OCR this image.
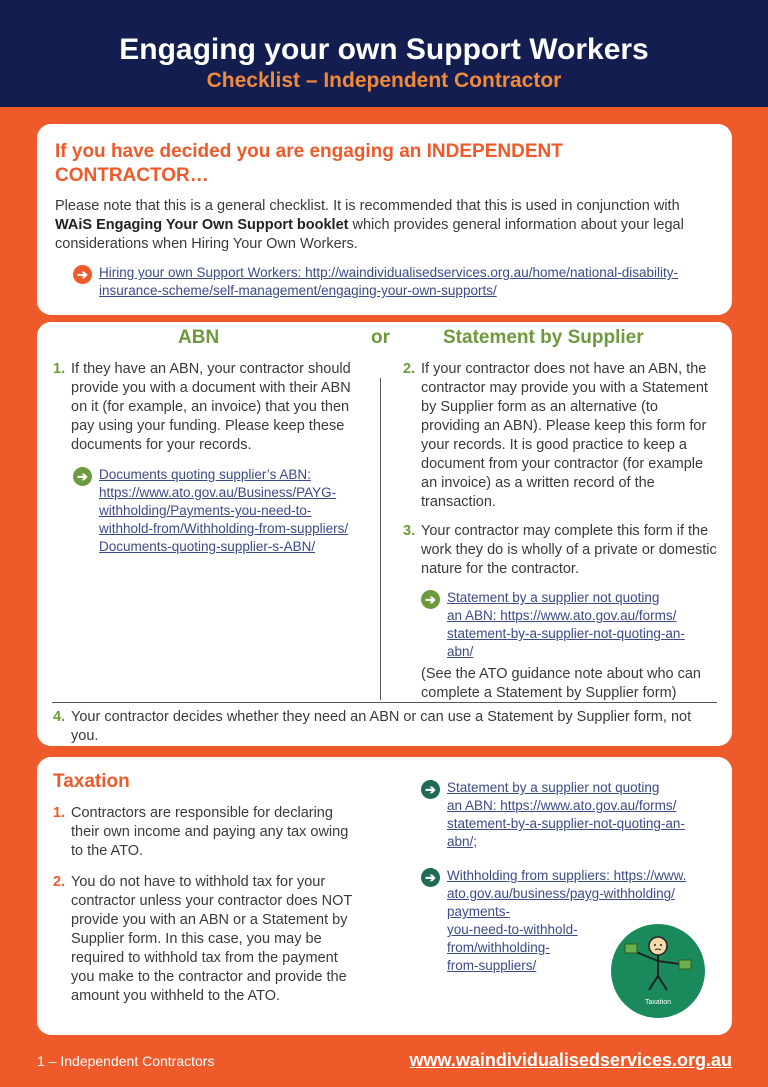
Engaging your own Support Workers
Checklist – Independent Contractor
If you have decided you are engaging an INDEPENDENT
CONTRACTOR…

Please note that this is a general checklist. It is recommended that this is used in conjunction with WAiS Engaging Your Own Support booklet which provides general information about your legal considerations when Hiring Your Own Workers.

➔ Hiring your own Support Workers: http://waindividualisedservices.org.au/home/national-disability-
insurance-scheme/self-management/engaging-your-own-supports/
ABN	or	Statement by Supplier
1. If they have an ABN, your contractor should provide you with a document with their ABN on it (for example, an invoice) that you then pay using your funding. Please keep these documents for your records.
➔ Documents quoting supplier’s ABN:
https://www.ato.gov.au/Business/PAYG-
withholding/Payments-you-need-to-
withhold-from/Withholding-from-suppliers/
Documents-quoting-supplier-s-ABN/
2. If your contractor does not have an ABN, the contractor may provide you with a Statement by Supplier form as an alternative (to providing an ABN). Please keep this form for your records. It is good practice to keep a document from your contractor (for example an invoice) as a written record of the transaction.
3. Your contractor may complete this form if the work they do is wholly of a private or domestic nature for the contractor.
➔ Statement by a supplier not quoting
an ABN: https://www.ato.gov.au/forms/
statement-by-a-supplier-not-quoting-an-
abn/
(See the ATO guidance note about who can complete a Statement by Supplier form)
4. Your contractor decides whether they need an ABN or can use a Statement by Supplier form, not you.
Taxation
1. Contractors are responsible for declaring their own income and paying any tax owing to the ATO.
2. You do not have to withhold tax for your contractor unless your contractor does NOT provide you with an ABN or a Statement by Supplier form. In this case, you may be required to withhold tax from the payment you make to the contractor and provide the amount you withheld to the ATO.
➔ Statement by a supplier not quoting
an ABN: https://www.ato.gov.au/forms/
statement-by-a-supplier-not-quoting-an-
abn/;
➔ Withholding from suppliers: https://www.
ato.gov.au/business/payg-withholding/
payments-
you-need-to-withhold-
from/withholding-
from-suppliers/
Taxation
1 – Independent Contractors	www.waindividualisedservices.org.au
